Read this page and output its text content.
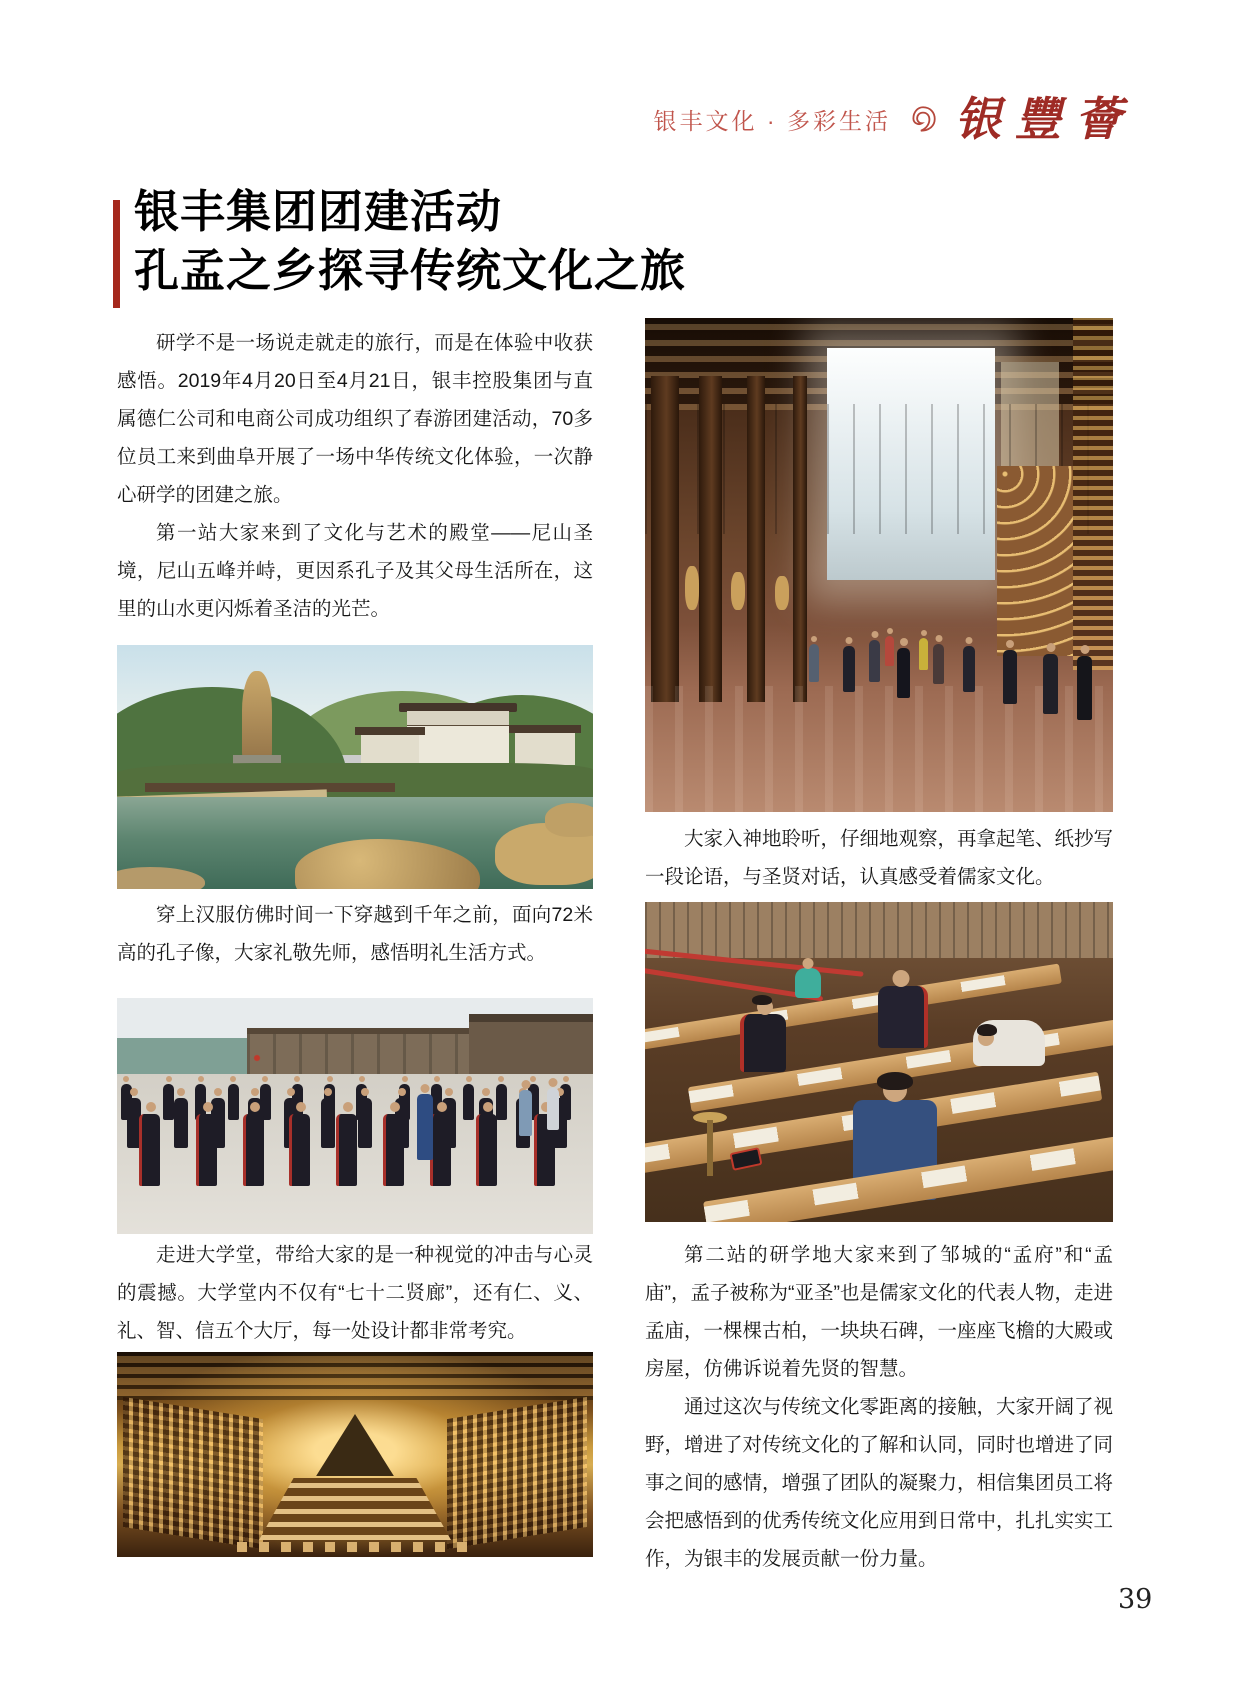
银丰文化 · 多彩生活 银豐薈
银丰集团团建活动
孔孟之乡探寻传统文化之旅

研学不是一场说走就走的旅行，而是在体验中收获感悟。2019年4月20日至4月21日，银丰控股集团与直属德仁公司和电商公司成功组织了春游团建活动，70多位员工来到曲阜开展了一场中华传统文化体验，一次静心研学的团建之旅。

第一站大家来到了文化与艺术的殿堂——尼山圣境，尼山五峰并峙，更因系孔子及其父母生活所在，这里的山水更闪烁着圣洁的光芒。

穿上汉服仿佛时间一下穿越到千年之前，面向72米高的孔子像，大家礼敬先师，感悟明礼生活方式。

走进大学堂，带给大家的是一种视觉的冲击与心灵的震撼。大学堂内不仅有“七十二贤廊”，还有仁、义、礼、智、信五个大厅，每一处设计都非常考究。

大家入神地聆听，仔细地观察，再拿起笔、纸抄写一段论语，与圣贤对话，认真感受着儒家文化。

第二站的研学地大家来到了邹城的“孟府”和“孟庙”，孟子被称为“亚圣”也是儒家文化的代表人物，走进孟庙，一棵棵古柏，一块块石碑，一座座飞檐的大殿或房屋，仿佛诉说着先贤的智慧。

通过这次与传统文化零距离的接触，大家开阔了视野，增进了对传统文化的了解和认同，同时也增进了同事之间的感情，增强了团队的凝聚力，相信集团员工将会把感悟到的优秀传统文化应用到日常中，扎扎实实工作，为银丰的发展贡献一份力量。

39
